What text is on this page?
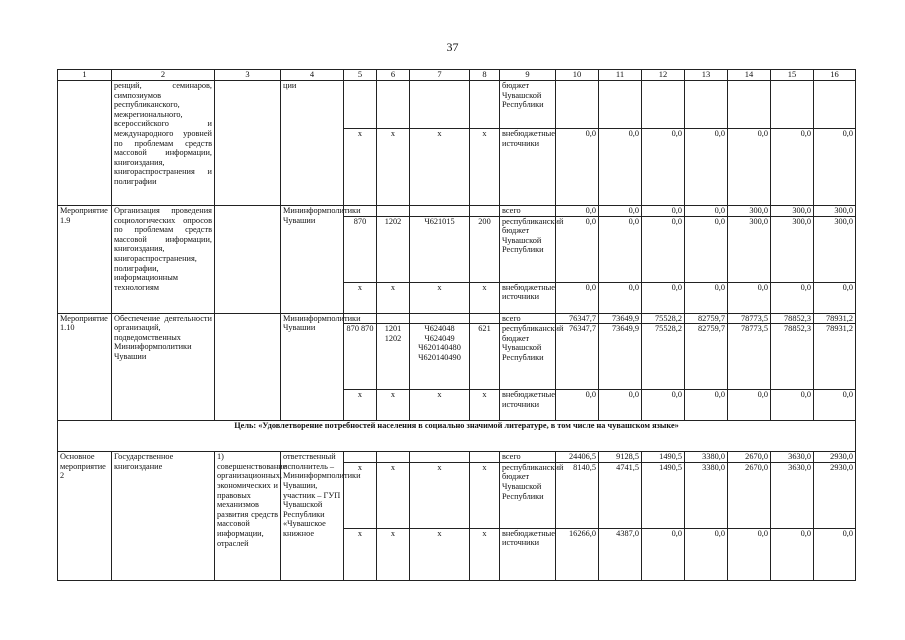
37
1	2	3	4	5	6	7	8	9	10	11	12	13	14	15	16
	ренций, семинаров, симпозиумов республиканского, межрегионального, всероссийского и международного уровней по проблемам средств массовой информации, книгоиздания, книгораспространения и полиграфии		ции					бюджет Чувашской Республики							
				x	x	x	x	внебюджетные источники	0,0	0,0	0,0	0,0	0,0	0,0	0,0
Мероприятие 1.9	Организация проведения социологических опросов по проблемам средств массовой информации, книгоиздания, книгораспространения, полиграфии, информационным технологиям		Мининформполитики Чувашии					всего	0,0	0,0	0,0	0,0	300,0	300,0	300,0
				870	1202	Ч621015	200	республиканский бюджет Чувашской Республики	0,0	0,0	0,0	0,0	300,0	300,0	300,0
				x	x	x	x	внебюджетные источники	0,0	0,0	0,0	0,0	0,0	0,0	0,0
Мероприятие 1.10	Обеспечение деятельности организаций, подведомственных Мининформполитики Чувашии		Мининформполитики Чувашии					всего	76347,7	73649,9	75528,2	82759,7	78773,5	78852,3	78931,2
				870 870	1201 1202	Ч624048 Ч624049 Ч620140480 Ч620140490	621	республиканский бюджет Чувашской Республики	76347,7	73649,9	75528,2	82759,7	78773,5	78852,3	78931,2
				x	x	x	x	внебюджетные источники	0,0	0,0	0,0	0,0	0,0	0,0	0,0
Цель: «Удовлетворение потребностей населения в социально значимой литературе, в том числе на чувашском языке»															
Основное мероприятие 2	Государственное книгоиздание	1) совершенствование организационных, экономических и правовых механизмов развития средств массовой информации, отраслей	ответственный исполнитель – Мининформполитики Чувашии, участник – ГУП Чувашской Республики «Чувашское книжное					всего	24406,5	9128,5	1490,5	3380,0	2670,0	3630,0	2930,0
				x	x	x	x	республиканский бюджет Чувашской Республики	8140,5	4741,5	1490,5	3380,0	2670,0	3630,0	2930,0
				x	x	x	x	внебюджетные источники	16266,0	4387,0	0,0	0,0	0,0	0,0	0,0
